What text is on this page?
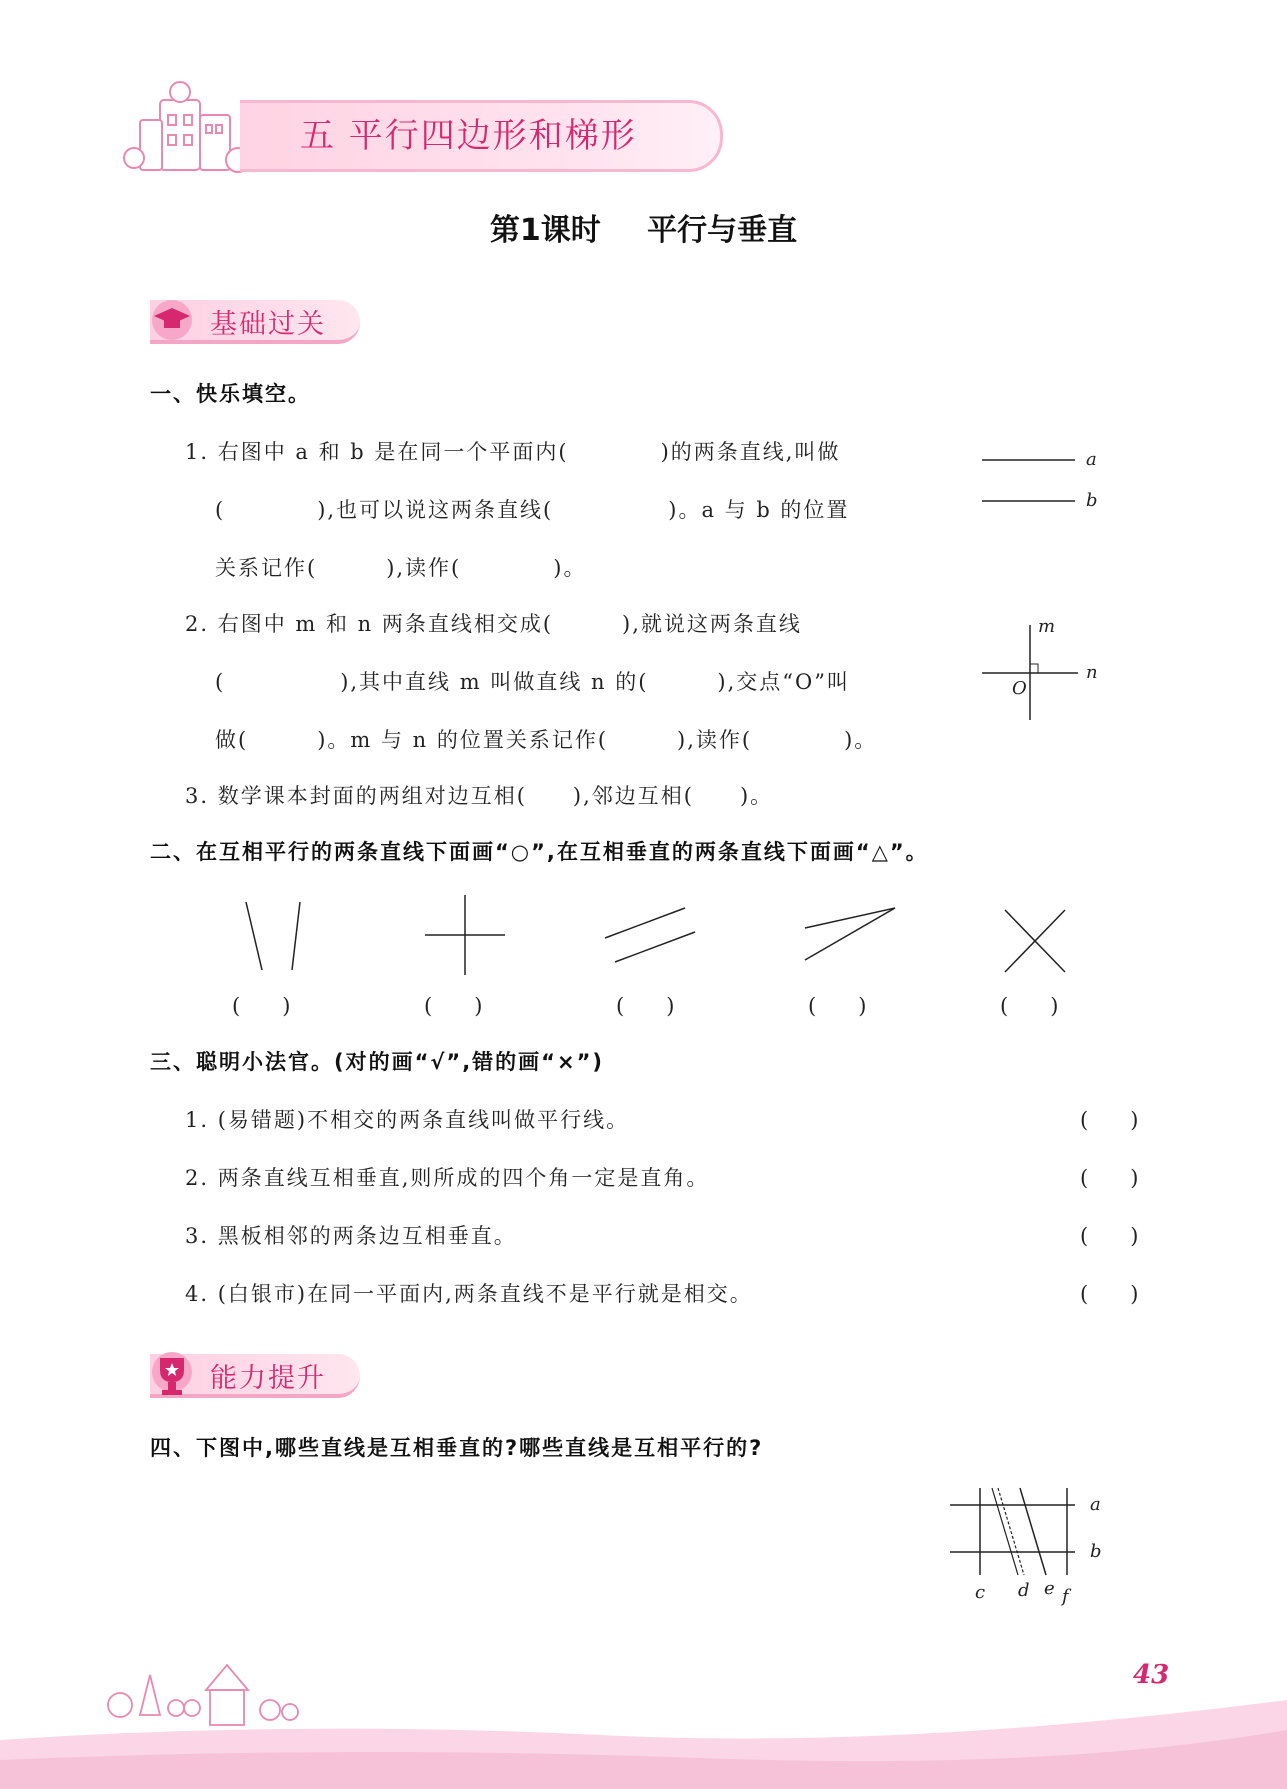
五 平行四边形和梯形
第1课时 平行与垂直
基础过关
一、快乐填空。
1. 右图中 a 和 b 是在同一个平面内(　　　　)的两条直线,叫做
(　　　　),也可以说这两条直线(　　　　　)。a 与 b 的位置
关系记作(　　　),读作(　　　　)。
a
b
2. 右图中 m 和 n 两条直线相交成(　　　),就说这两条直线
(　　　　　),其中直线 m 叫做直线 n 的(　　　),交点“O”叫
做(　　　)。m 与 n 的位置关系记作(　　　),读作(　　　　)。
m
n
O
3. 数学课本封面的两组对边互相(　　),邻边互相(　　)。
二、在互相平行的两条直线下面画“○”,在互相垂直的两条直线下面画“△”。
(　　)	(　　)	(　　)	(　　)	(　　)
三、聪明小法官。(对的画“√”,错的画“×”)
1. (易错题)不相交的两条直线叫做平行线。	(　　)
2. 两条直线互相垂直,则所成的四个角一定是直角。	(　　)
3. 黑板相邻的两条边互相垂直。	(　　)
4. (白银市)在同一平面内,两条直线不是平行就是相交。	(　　)
能力提升
四、下图中,哪些直线是互相垂直的?哪些直线是互相平行的?
a
b
c d e f
43
